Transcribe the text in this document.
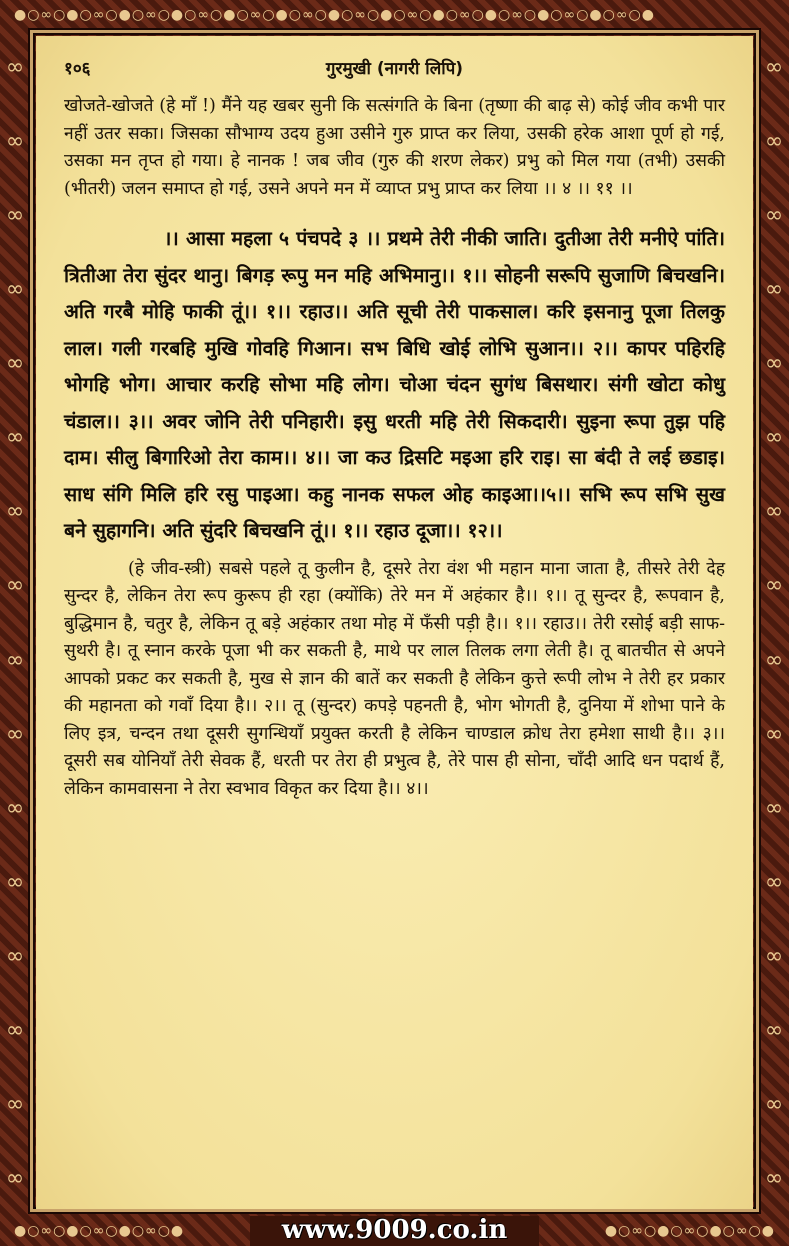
●○∞○●○∞○●○∞○●○∞○●○∞○●○∞○●○∞○●○∞○●○∞○●○∞○●○∞○●○∞○●
●○∞○●○∞○●○∞○●	●○∞○●○∞○●○∞○●
∞
∞
∞
∞
∞
∞
∞
∞
∞
∞
∞
∞
∞
∞
∞
∞
∞
∞
∞
∞
∞
∞
∞
∞
∞
∞
∞
∞
∞
∞
∞
∞
१०६	गुरमुखी (नागरी लिपि)

खोजते-खोजते (हे माँ !) मैंने यह खबर सुनी कि सत्संगति के बिना (तृष्णा की बाढ़ से) कोई जीव कभी पार नहीं उतर सका। जिसका सौभाग्य उदय हुआ उसीने गुरु प्राप्त कर लिया, उसकी हरेक आशा पूर्ण हो गई, उसका मन तृप्त हो गया। हे नानक ! जब जीव (गुरु की शरण लेकर) प्रभु को मिल गया (तभी) उसकी (भीतरी) जलन समाप्त हो गई, उसने अपने मन में व्याप्त प्रभु प्राप्त कर लिया ।। ४ ।। ११ ।।

।। आसा महला ५ पंचपदे ३ ।। प्रथमे तेरी नीकी जाति। दुतीआ तेरी मनीऐ पांति। त्रितीआ तेरा सुंदर थानु। बिगड़ रूपु मन महि अभिमानु।। १।। सोहनी सरूपि सुजाणि बिचखनि। अति गरबै मोहि फाकी तूं।। १।। रहाउ।। अति सूची तेरी पाकसाल। करि इसनानु पूजा तिलकु लाल। गली गरबहि मुखि गोवहि गिआन। सभ बिधि खोई लोभि सुआन।। २।। कापर पहिरहि भोगहि भोग। आचार करहि सोभा महि लोग। चोआ चंदन सुगंध बिसथार। संगी खोटा कोधु चंडाल।। ३।। अवर जोनि तेरी पनिहारी। इसु धरती महि तेरी सिकदारी। सुइना रूपा तुझ पहि दाम। सीलु बिगारिओ तेरा काम।। ४।। जा कउ द्रिसटि मइआ हरि राइ। सा बंदी ते लई छडाइ। साध संगि मिलि हरि रसु पाइआ। कहु नानक सफल ओह काइआ।।५।। सभि रूप सभि सुख बने सुहागनि। अति सुंदरि बिचखनि तूं।। १।। रहाउ दूजा।। १२।।

(हे जीव-स्त्री) सबसे पहले तू कुलीन है, दूसरे तेरा वंश भी महान माना जाता है, तीसरे तेरी देह सुन्दर है, लेकिन तेरा रूप कुरूप ही रहा (क्योंकि) तेरे मन में अहंकार है।। १।। तू सुन्दर है, रूपवान है, बुद्धिमान है, चतुर है, लेकिन तू बड़े अहंकार तथा मोह में फँसी पड़ी है।। १।। रहाउ।। तेरी रसोई बड़ी साफ-सुथरी है। तू स्नान करके पूजा भी कर सकती है, माथे पर लाल तिलक लगा लेती है। तू बातचीत से अपने आपको प्रकट कर सकती है, मुख से ज्ञान की बातें कर सकती है लेकिन कुत्ते रूपी लोभ ने तेरी हर प्रकार की महानता को गवाँ दिया है।। २।। तू (सुन्दर) कपड़े पहनती है, भोग भोगती है, दुनिया में शोभा पाने के लिए इत्र, चन्दन तथा दूसरी सुगन्धियाँ प्रयुक्त करती है लेकिन चाण्डाल क्रोध तेरा हमेशा साथी है।। ३।। दूसरी सब योनियाँ तेरी सेवक हैं, धरती पर तेरा ही प्रभुत्व है, तेरे पास ही सोना, चाँदी आदि धन पदार्थ हैं, लेकिन कामवासना ने तेरा स्वभाव विकृत कर दिया है।। ४।।

www.9009.co.in
